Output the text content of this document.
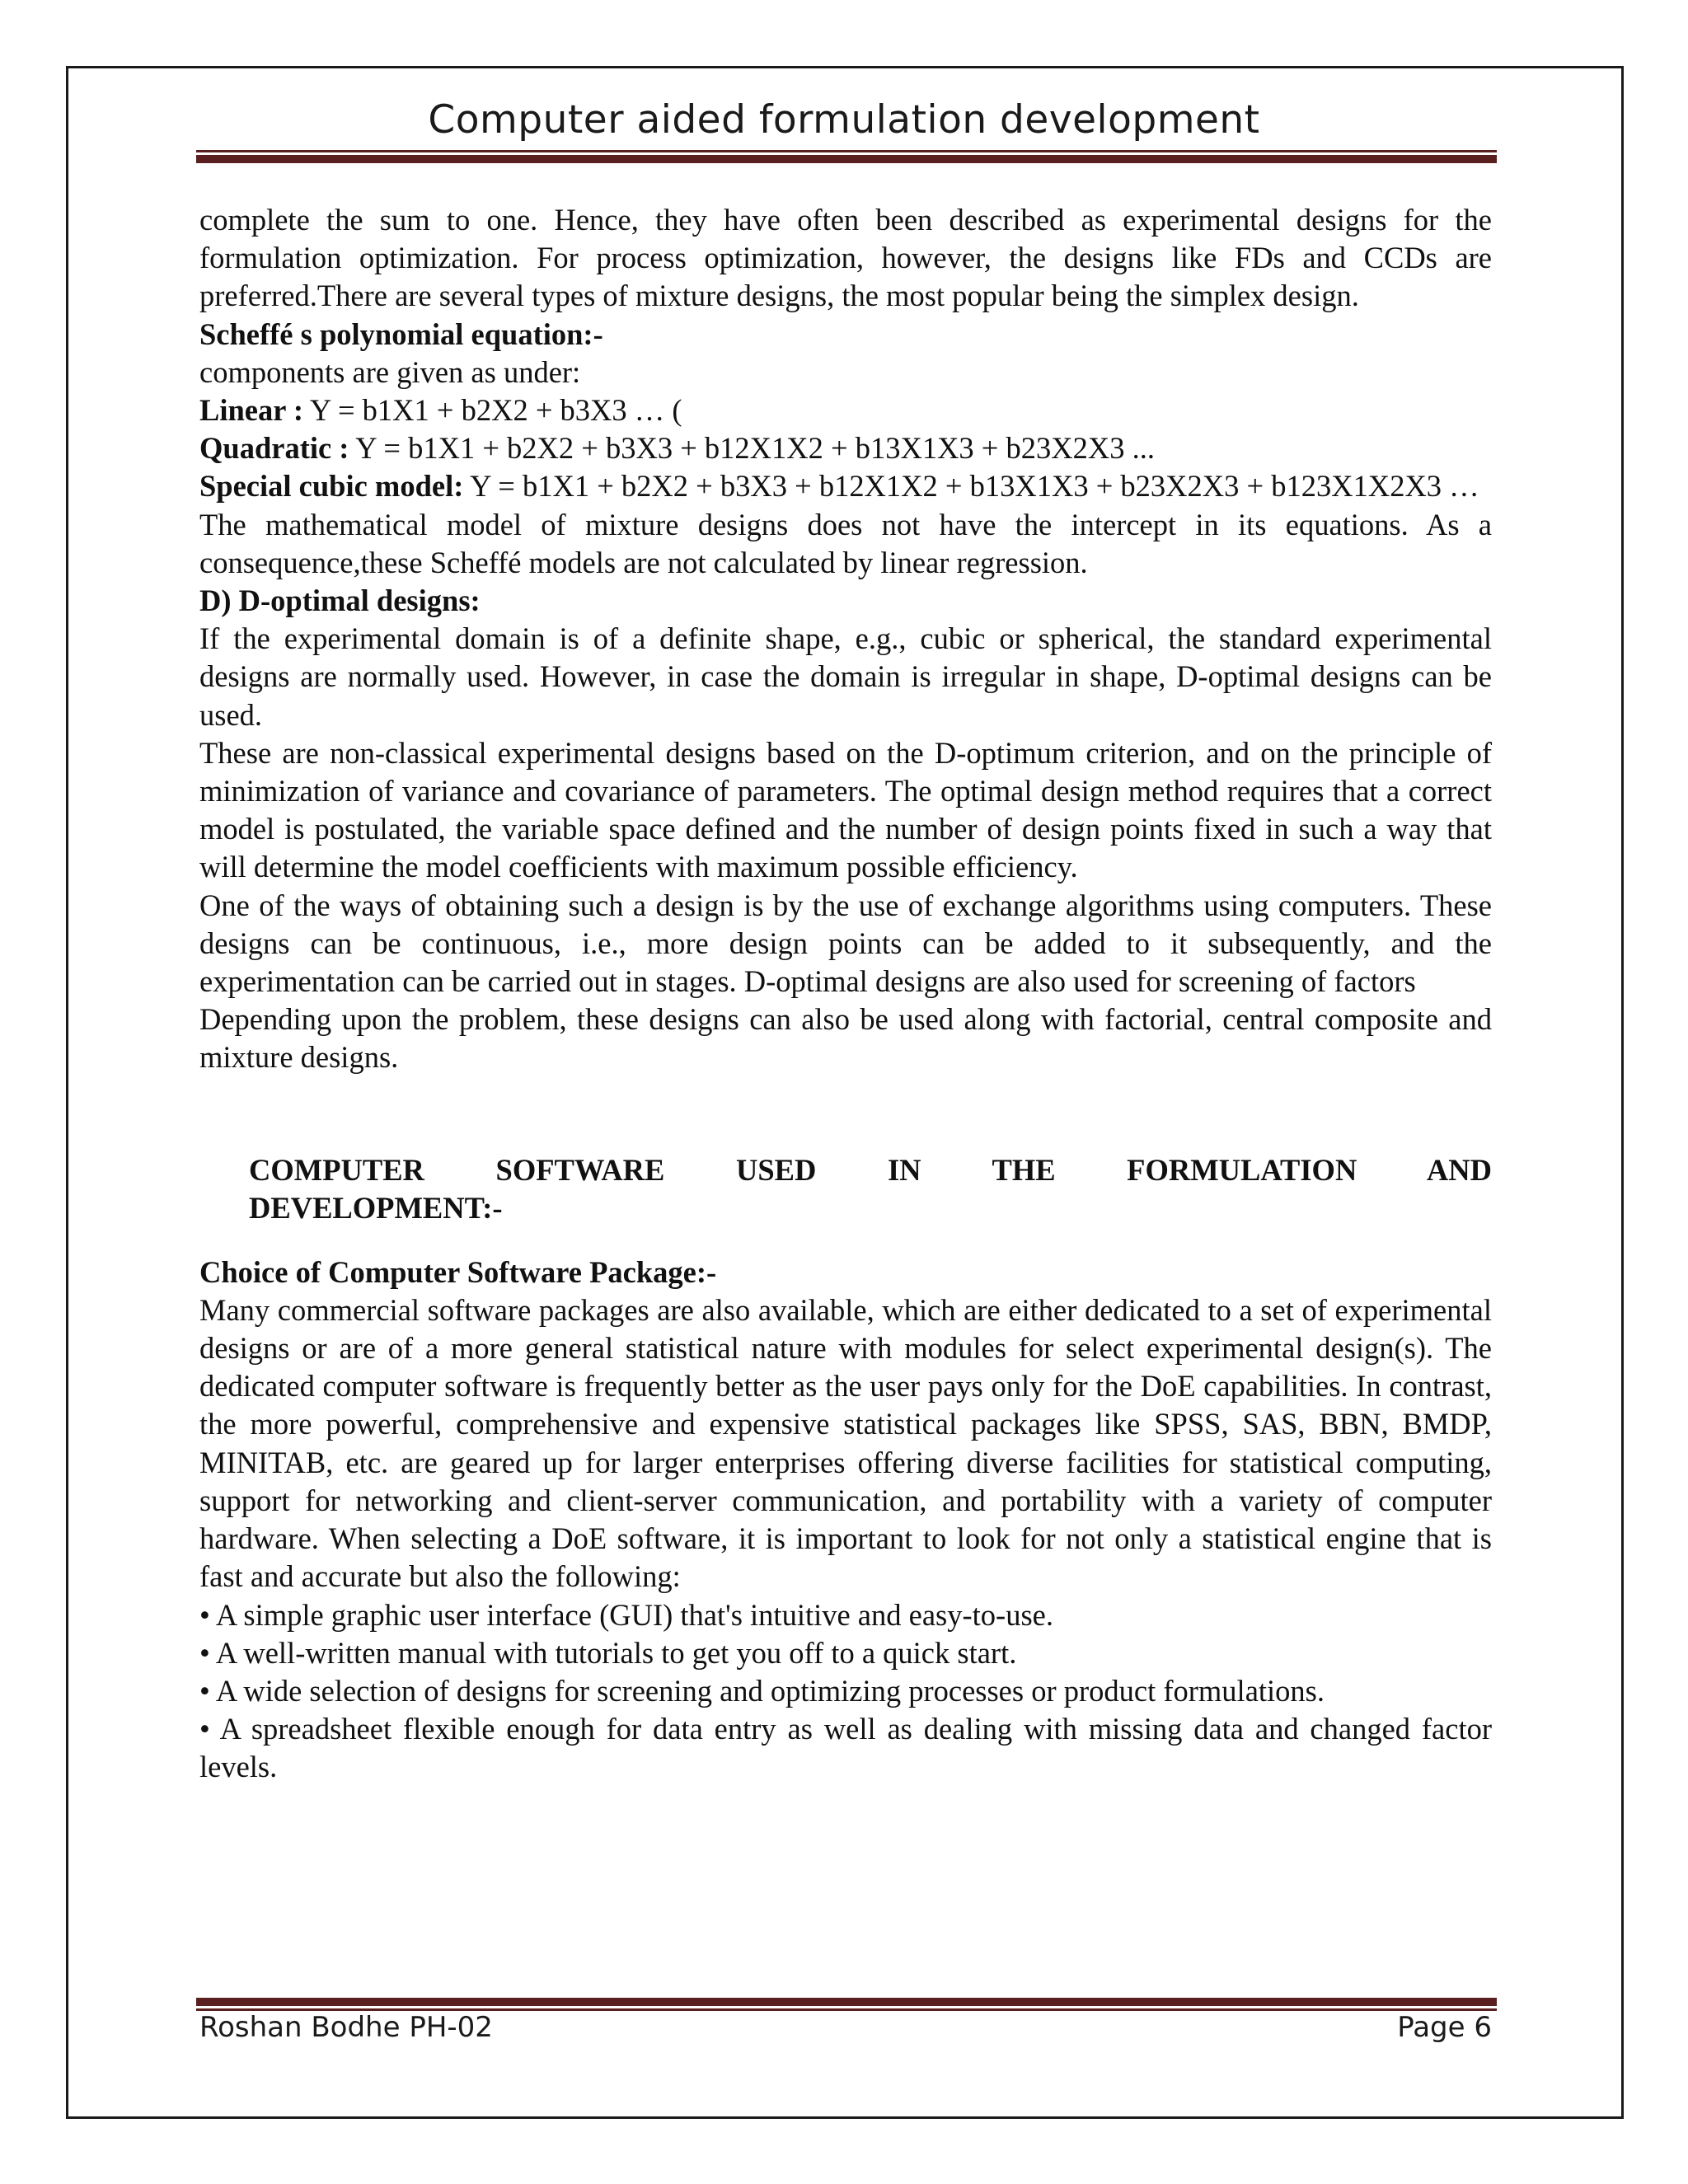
Computer aided formulation development

complete the sum to one. Hence, they have often been described as experimental designs for the formulation optimization. For process optimization, however, the designs like FDs and CCDs are preferred.There are several types of mixture designs, the most popular being the simplex design.

Scheffé s polynomial equation:-

components are given as under:

Linear : Y = b1X1 + b2X2 + b3X3 … (

Quadratic : Y = b1X1 + b2X2 + b3X3 + b12X1X2 + b13X1X3 + b23X2X3 ...

Special cubic model: Y = b1X1 + b2X2 + b3X3 + b12X1X2 + b13X1X3 + b23X2X3 + b123X1X2X3 …

The mathematical model of mixture designs does not have the intercept in its equations. As a consequence,these Scheffé models are not calculated by linear regression.

D) D-optimal designs:

If the experimental domain is of a definite shape, e.g., cubic or spherical, the standard experimental designs are normally used. However, in case the domain is irregular in shape, D-optimal designs can be used.

These are non-classical experimental designs based on the D-optimum criterion, and on the principle of minimization of variance and covariance of parameters. The optimal design method requires that a correct model is postulated, the variable space defined and the number of design points fixed in such a way that will determine the model coefficients with maximum possible efficiency.

One of the ways of obtaining such a design is by the use of exchange algorithms using computers. These designs can be continuous, i.e., more design points can be added to it subsequently, and the experimentation can be carried out in stages. D-optimal designs are also used for screening of factors

Depending upon the problem, these designs can also be used along with factorial, central composite and mixture designs.

COMPUTER SOFTWARE USED IN THE FORMULATION AND

DEVELOPMENT:-

Choice of Computer Software Package:-

Many commercial software packages are also available, which are either dedicated to a set of experimental designs or are of a more general statistical nature with modules for select experimental design(s). The dedicated computer software is frequently better as the user pays only for the DoE capabilities. In contrast, the more powerful, comprehensive and expensive statistical packages like SPSS, SAS, BBN, BMDP, MINITAB, etc. are geared up for larger enterprises offering diverse facilities for statistical computing, support for networking and client-server communication, and portability with a variety of computer hardware. When selecting a DoE software, it is important to look for not only a statistical engine that is fast and accurate but also the following:

• A simple graphic user interface (GUI) that's intuitive and easy-to-use.

• A well-written manual with tutorials to get you off to a quick start.

• A wide selection of designs for screening and optimizing processes or product formulations.

• A spreadsheet flexible enough for data entry as well as dealing with missing data and changed factor levels.

Roshan Bodhe PH-02	Page 6
